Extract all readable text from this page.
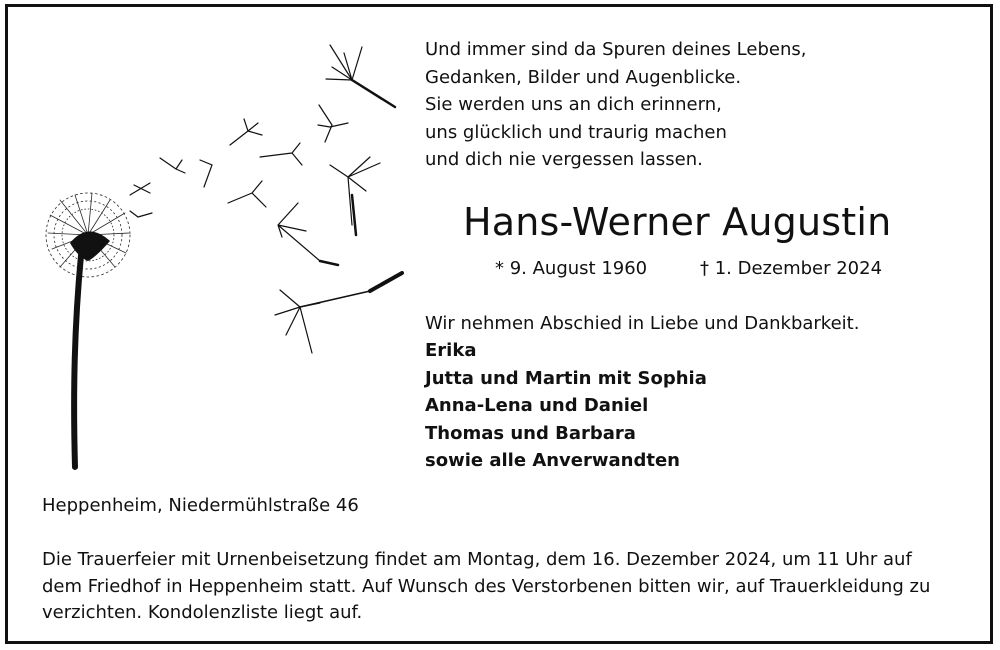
Und immer sind da Spuren deines Lebens,
Gedanken, Bilder und Augenblicke.
Sie werden uns an dich erinnern,
uns glücklich und traurig machen
und dich nie vergessen lassen.
Hans-Werner Augustin
* 9. August 1960	† 1. Dezember 2024
Wir nehmen Abschied in Liebe und Dankbarkeit.
Erika
Jutta und Martin mit Sophia
Anna-Lena und Daniel
Thomas und Barbara
sowie alle Anverwandten
Heppenheim, Niedermühlstraße 46
Die Trauerfeier mit Urnenbeisetzung findet am Montag, dem 16. Dezember 2024, um 11 Uhr auf
dem Friedhof in Heppenheim statt. Auf Wunsch des Verstorbenen bitten wir, auf Trauerkleidung zu
verzichten. Kondolenzliste liegt auf.
